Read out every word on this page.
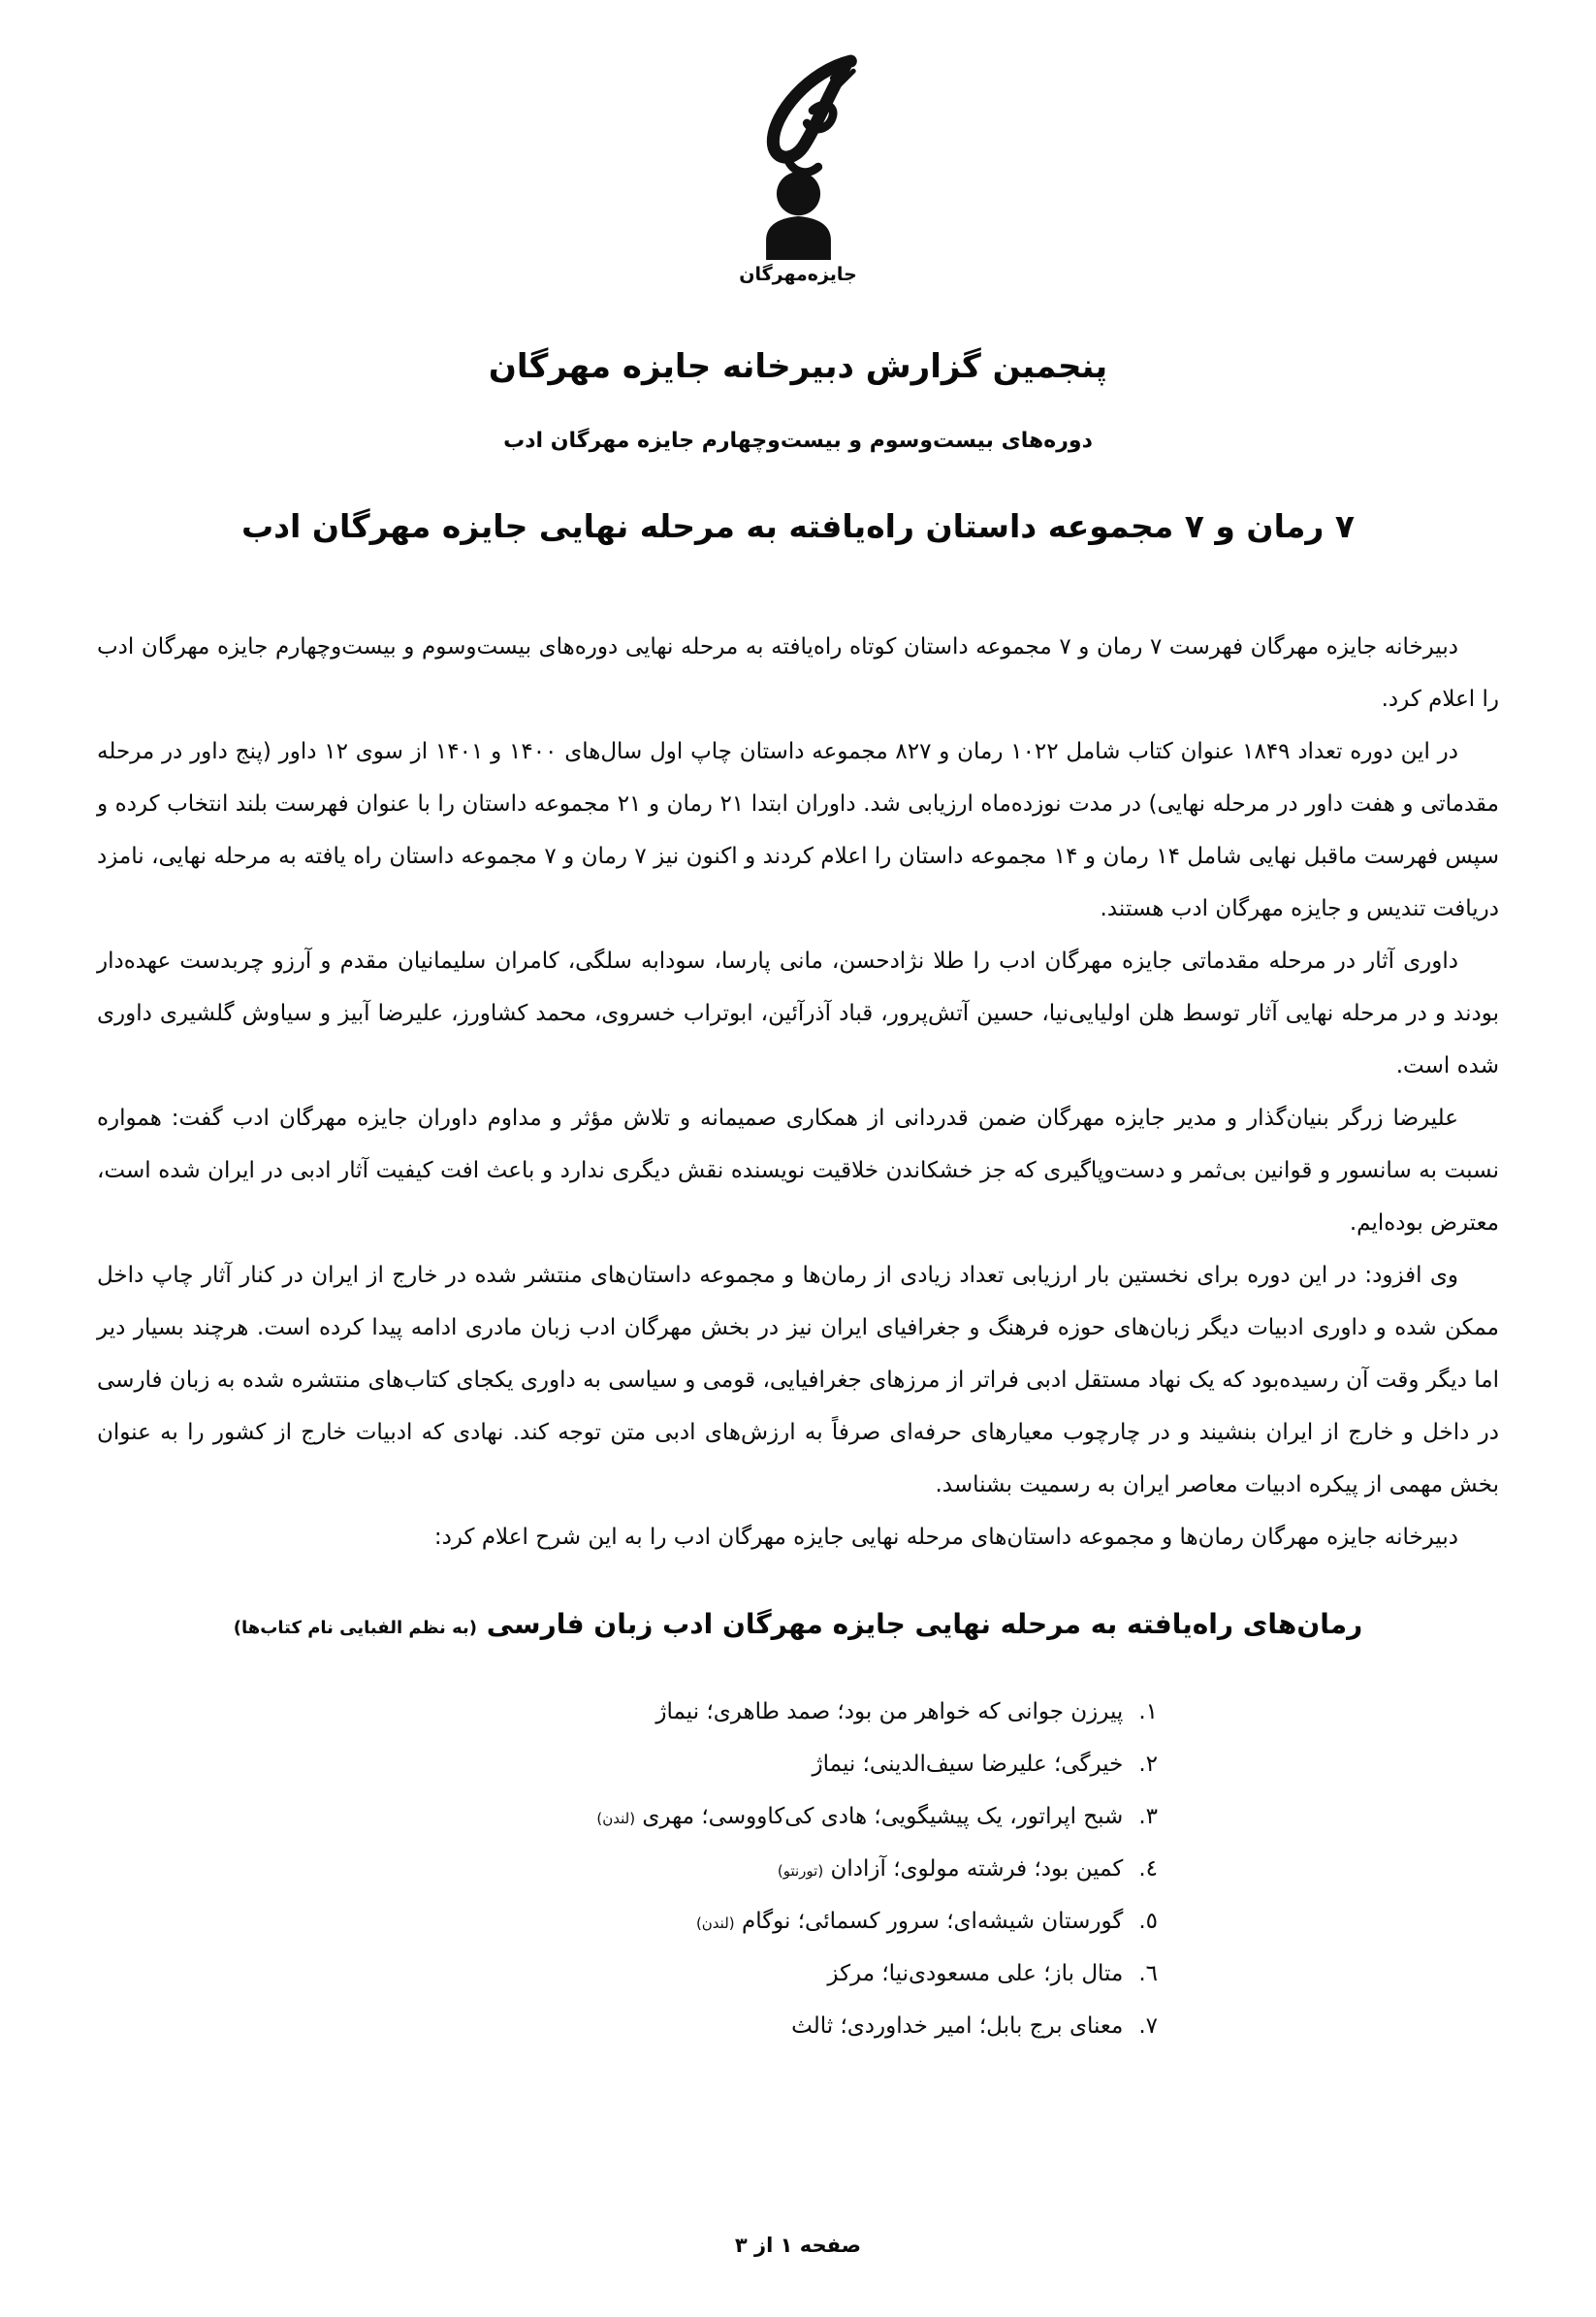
جایزه‌مهرگان
پنجمین گزارش دبیرخانه جایزه مهرگان
دوره‌های بیست‌وسوم و بیست‌وچهارم جایزه مهرگان ادب
۷ رمان و ۷ مجموعه داستان راه‌یافته به مرحله نهایی جایزه مهرگان ادب

دبیرخانه جایزه مهرگان فهرست ۷ رمان و ۷ مجموعه داستان کوتاه راه‌یافته به مرحله نهایی دوره‌های بیست‌وسوم و بیست‌وچهارم جایزه مهرگان ادب را اعلام کرد.

در این دوره تعداد ۱۸۴۹ عنوان کتاب شامل ۱۰۲۲ رمان و ۸۲۷ مجموعه داستان چاپ اول سال‌های ۱۴۰۰ و ۱۴۰۱ از سوی ۱۲ داور (پنج داور در مرحله مقدماتی و هفت داور در مرحله نهایی) در مدت نوزده‌ماه ارزیابی شد. داوران ابتدا ۲۱ رمان و ۲۱ مجموعه داستان را با عنوان فهرست بلند انتخاب کرده و سپس فهرست ماقبل نهایی شامل ۱۴ رمان و ۱۴ مجموعه داستان را اعلام کردند و اکنون نیز ۷ رمان و ۷ مجموعه داستان راه یافته به مرحله نهایی، نامزد دریافت تندیس و جایزه مهرگان ادب هستند.

داوری آثار در مرحله مقدماتی جایزه مهرگان ادب را طلا نژادحسن، مانی پارسا، سودابه سلگی، کامران سلیمانیان مقدم و آرزو چربدست عهده‌دار بودند و در مرحله نهایی آثار توسط هلن اولیایی‌نیا، حسین آتش‌پرور، قباد آذرآئین، ابوتراب خسروی، محمد کشاورز، علیرضا آبیز و سیاوش گلشیری داوری شده است.

علیرضا زرگر بنیان‌گذار و مدیر جایزه مهرگان ضمن قدردانی از همکاری صمیمانه و تلاش مؤثر و مداوم داوران جایزه مهرگان ادب گفت: همواره نسبت به سانسور و قوانین بی‌ثمر و دست‌وپاگیری که جز خشکاندن خلاقیت نویسنده نقش دیگری ندارد و باعث افت کیفیت آثار ادبی در ایران شده است، معترض بوده‌ایم.

وی افزود: در این دوره برای نخستین بار ارزیابی تعداد زیادی از رمان‌ها و مجموعه داستان‌های منتشر شده در خارج از ایران در کنار آثار چاپ داخل ممکن شده و داوری ادبیات دیگر زبان‌های حوزه فرهنگ و جغرافیای ایران نیز در بخش مهرگان ادب زبان مادری ادامه پیدا کرده است. هرچند بسیار دیر اما دیگر وقت آن رسیده‌بود که یک نهاد مستقل ادبی فراتر از مرزهای جغرافیایی، قومی و سیاسی به داوری یکجای کتاب‌های منتشره شده به زبان فارسی در داخل و خارج از ایران بنشیند و در چارچوب معیارهای حرفه‌ای صرفاً به ارزش‌های ادبی متن توجه کند. نهادی که ادبیات خارج از کشور را به عنوان بخش مهمی از پیکره ادبیات معاصر ایران به رسمیت بشناسد.

دبیرخانه جایزه مهرگان رمان‌ها و مجموعه داستان‌های مرحله نهایی جایزه مهرگان ادب را به این شرح اعلام کرد:

رمان‌های راه‌یافته به مرحله نهایی جایزه مهرگان ادب زبان فارسی (به نظم الفبایی نام کتاب‌ها)
١.پیرزن جوانی که خواهر من بود؛ صمد طاهری؛ نیماژ
٢.خیرگی؛ علیرضا سیف‌الدینی؛ نیماژ
٣.شبح اپراتور، یک پیشیگویی؛ هادی کی‌کاووسی؛ مهری (لندن)
٤.کمین بود؛ فرشته مولوی؛ آزادان (تورنتو)
٥.گورستان شیشه‌ای؛ سرور کسمائی؛ نوگام (لندن)
٦.متال باز؛ علی مسعودی‌نیا؛ مرکز
٧.معنای برج بابل؛ امیر خداوردی؛ ثالث
صفحه ۱ از ۳
